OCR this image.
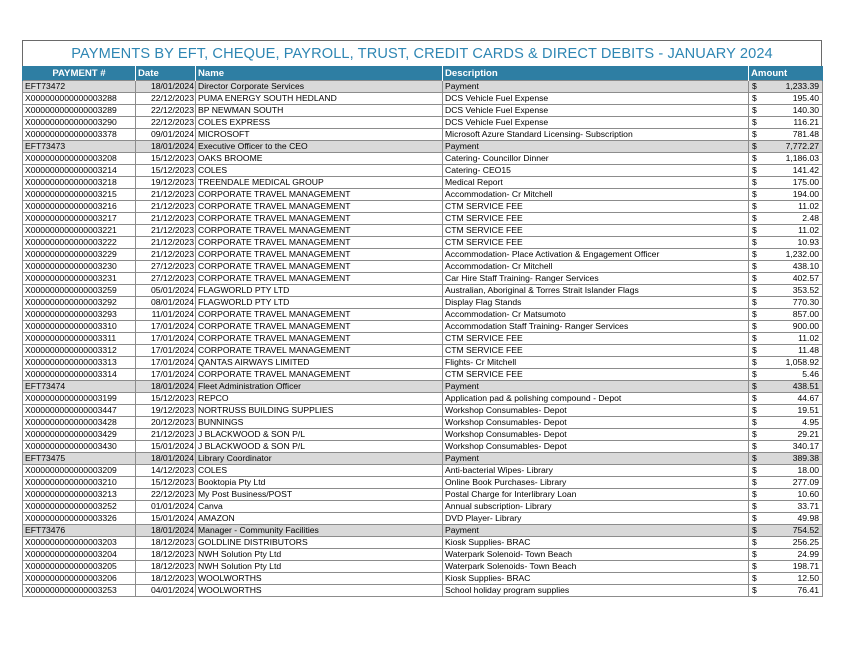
PAYMENTS BY EFT, CHEQUE, PAYROLL, TRUST, CREDIT CARDS & DIRECT DEBITS - JANUARY 2024
PAYMENT #	Date	Name	Description	Amount	
EFT73472	18/01/2024	Director Corporate Services	Payment	$	1,233.39
X000000000000003288	22/12/2023	PUMA ENERGY SOUTH HEDLAND	DCS Vehicle Fuel Expense	$	195.40
X000000000000003289	22/12/2023	BP NEWMAN SOUTH	DCS Vehicle Fuel Expense	$	140.30
X000000000000003290	22/12/2023	COLES EXPRESS	DCS Vehicle Fuel Expense	$	116.21
X000000000000003378	09/01/2024	MICROSOFT	Microsoft Azure Standard Licensing- Subscription	$	781.48
EFT73473	18/01/2024	Executive Officer to the CEO	Payment	$	7,772.27
X000000000000003208	15/12/2023	OAKS BROOME	Catering- Councillor Dinner	$	1,186.03
X000000000000003214	15/12/2023	COLES	Catering- CEO15	$	141.42
X000000000000003218	19/12/2023	TREENDALE MEDICAL GROUP	Medical Report	$	175.00
X000000000000003215	21/12/2023	CORPORATE TRAVEL MANAGEMENT	Accommodation- Cr Mitchell	$	194.00
X000000000000003216	21/12/2023	CORPORATE TRAVEL MANAGEMENT	CTM SERVICE FEE	$	11.02
X000000000000003217	21/12/2023	CORPORATE TRAVEL MANAGEMENT	CTM SERVICE FEE	$	2.48
X000000000000003221	21/12/2023	CORPORATE TRAVEL MANAGEMENT	CTM SERVICE FEE	$	11.02
X000000000000003222	21/12/2023	CORPORATE TRAVEL MANAGEMENT	CTM SERVICE FEE	$	10.93
X000000000000003229	21/12/2023	CORPORATE TRAVEL MANAGEMENT	Accommodation- Place Activation & Engagement Officer	$	1,232.00
X000000000000003230	27/12/2023	CORPORATE TRAVEL MANAGEMENT	Accommodation- Cr Mitchell	$	438.10
X000000000000003231	27/12/2023	CORPORATE TRAVEL MANAGEMENT	Car Hire Staff Training- Ranger Services	$	402.57
X000000000000003259	05/01/2024	FLAGWORLD PTY LTD	Australian, Aboriginal & Torres Strait Islander Flags	$	353.52
X000000000000003292	08/01/2024	FLAGWORLD PTY LTD	Display Flag Stands	$	770.30
X000000000000003293	11/01/2024	CORPORATE TRAVEL MANAGEMENT	Accommodation- Cr Matsumoto	$	857.00
X000000000000003310	17/01/2024	CORPORATE TRAVEL MANAGEMENT	Accommodation Staff Training- Ranger Services	$	900.00
X000000000000003311	17/01/2024	CORPORATE TRAVEL MANAGEMENT	CTM SERVICE FEE	$	11.02
X000000000000003312	17/01/2024	CORPORATE TRAVEL MANAGEMENT	CTM SERVICE FEE	$	11.48
X000000000000003313	17/01/2024	QANTAS AIRWAYS LIMITED	Flights- Cr Mitchell	$	1,058.92
X000000000000003314	17/01/2024	CORPORATE TRAVEL MANAGEMENT	CTM SERVICE FEE	$	5.46
EFT73474	18/01/2024	Fleet Administration Officer	Payment	$	438.51
X000000000000003199	15/12/2023	REPCO	Application pad & polishing compound - Depot	$	44.67
X000000000000003447	19/12/2023	NORTRUSS BUILDING SUPPLIES	Workshop Consumables- Depot	$	19.51
X000000000000003428	20/12/2023	BUNNINGS	Workshop Consumables- Depot	$	4.95
X000000000000003429	21/12/2023	J BLACKWOOD & SON P/L	Workshop Consumables- Depot	$	29.21
X000000000000003430	15/01/2024	J BLACKWOOD & SON P/L	Workshop Consumables- Depot	$	340.17
EFT73475	18/01/2024	Library Coordinator	Payment	$	389.38
X000000000000003209	14/12/2023	COLES	Anti-bacterial Wipes- Library	$	18.00
X000000000000003210	15/12/2023	Booktopia Pty Ltd	Online Book Purchases- Library	$	277.09
X000000000000003213	22/12/2023	My Post Business/POST	Postal Charge for Interlibrary Loan	$	10.60
X000000000000003252	01/01/2024	Canva	Annual subscription- Library	$	33.71
X000000000000003326	15/01/2024	AMAZON	DVD Player- Library	$	49.98
EFT73476	18/01/2024	Manager - Community Facilities	Payment	$	754.52
X000000000000003203	18/12/2023	GOLDLINE DISTRIBUTORS	Kiosk Supplies- BRAC	$	256.25
X000000000000003204	18/12/2023	NWH Solution Pty Ltd	Waterpark Solenoid- Town Beach	$	24.99
X000000000000003205	18/12/2023	NWH Solution Pty Ltd	Waterpark Solenoids- Town Beach	$	198.71
X000000000000003206	18/12/2023	WOOLWORTHS	Kiosk Supplies- BRAC	$	12.50
X000000000000003253	04/01/2024	WOOLWORTHS	School holiday program supplies	$	76.41
